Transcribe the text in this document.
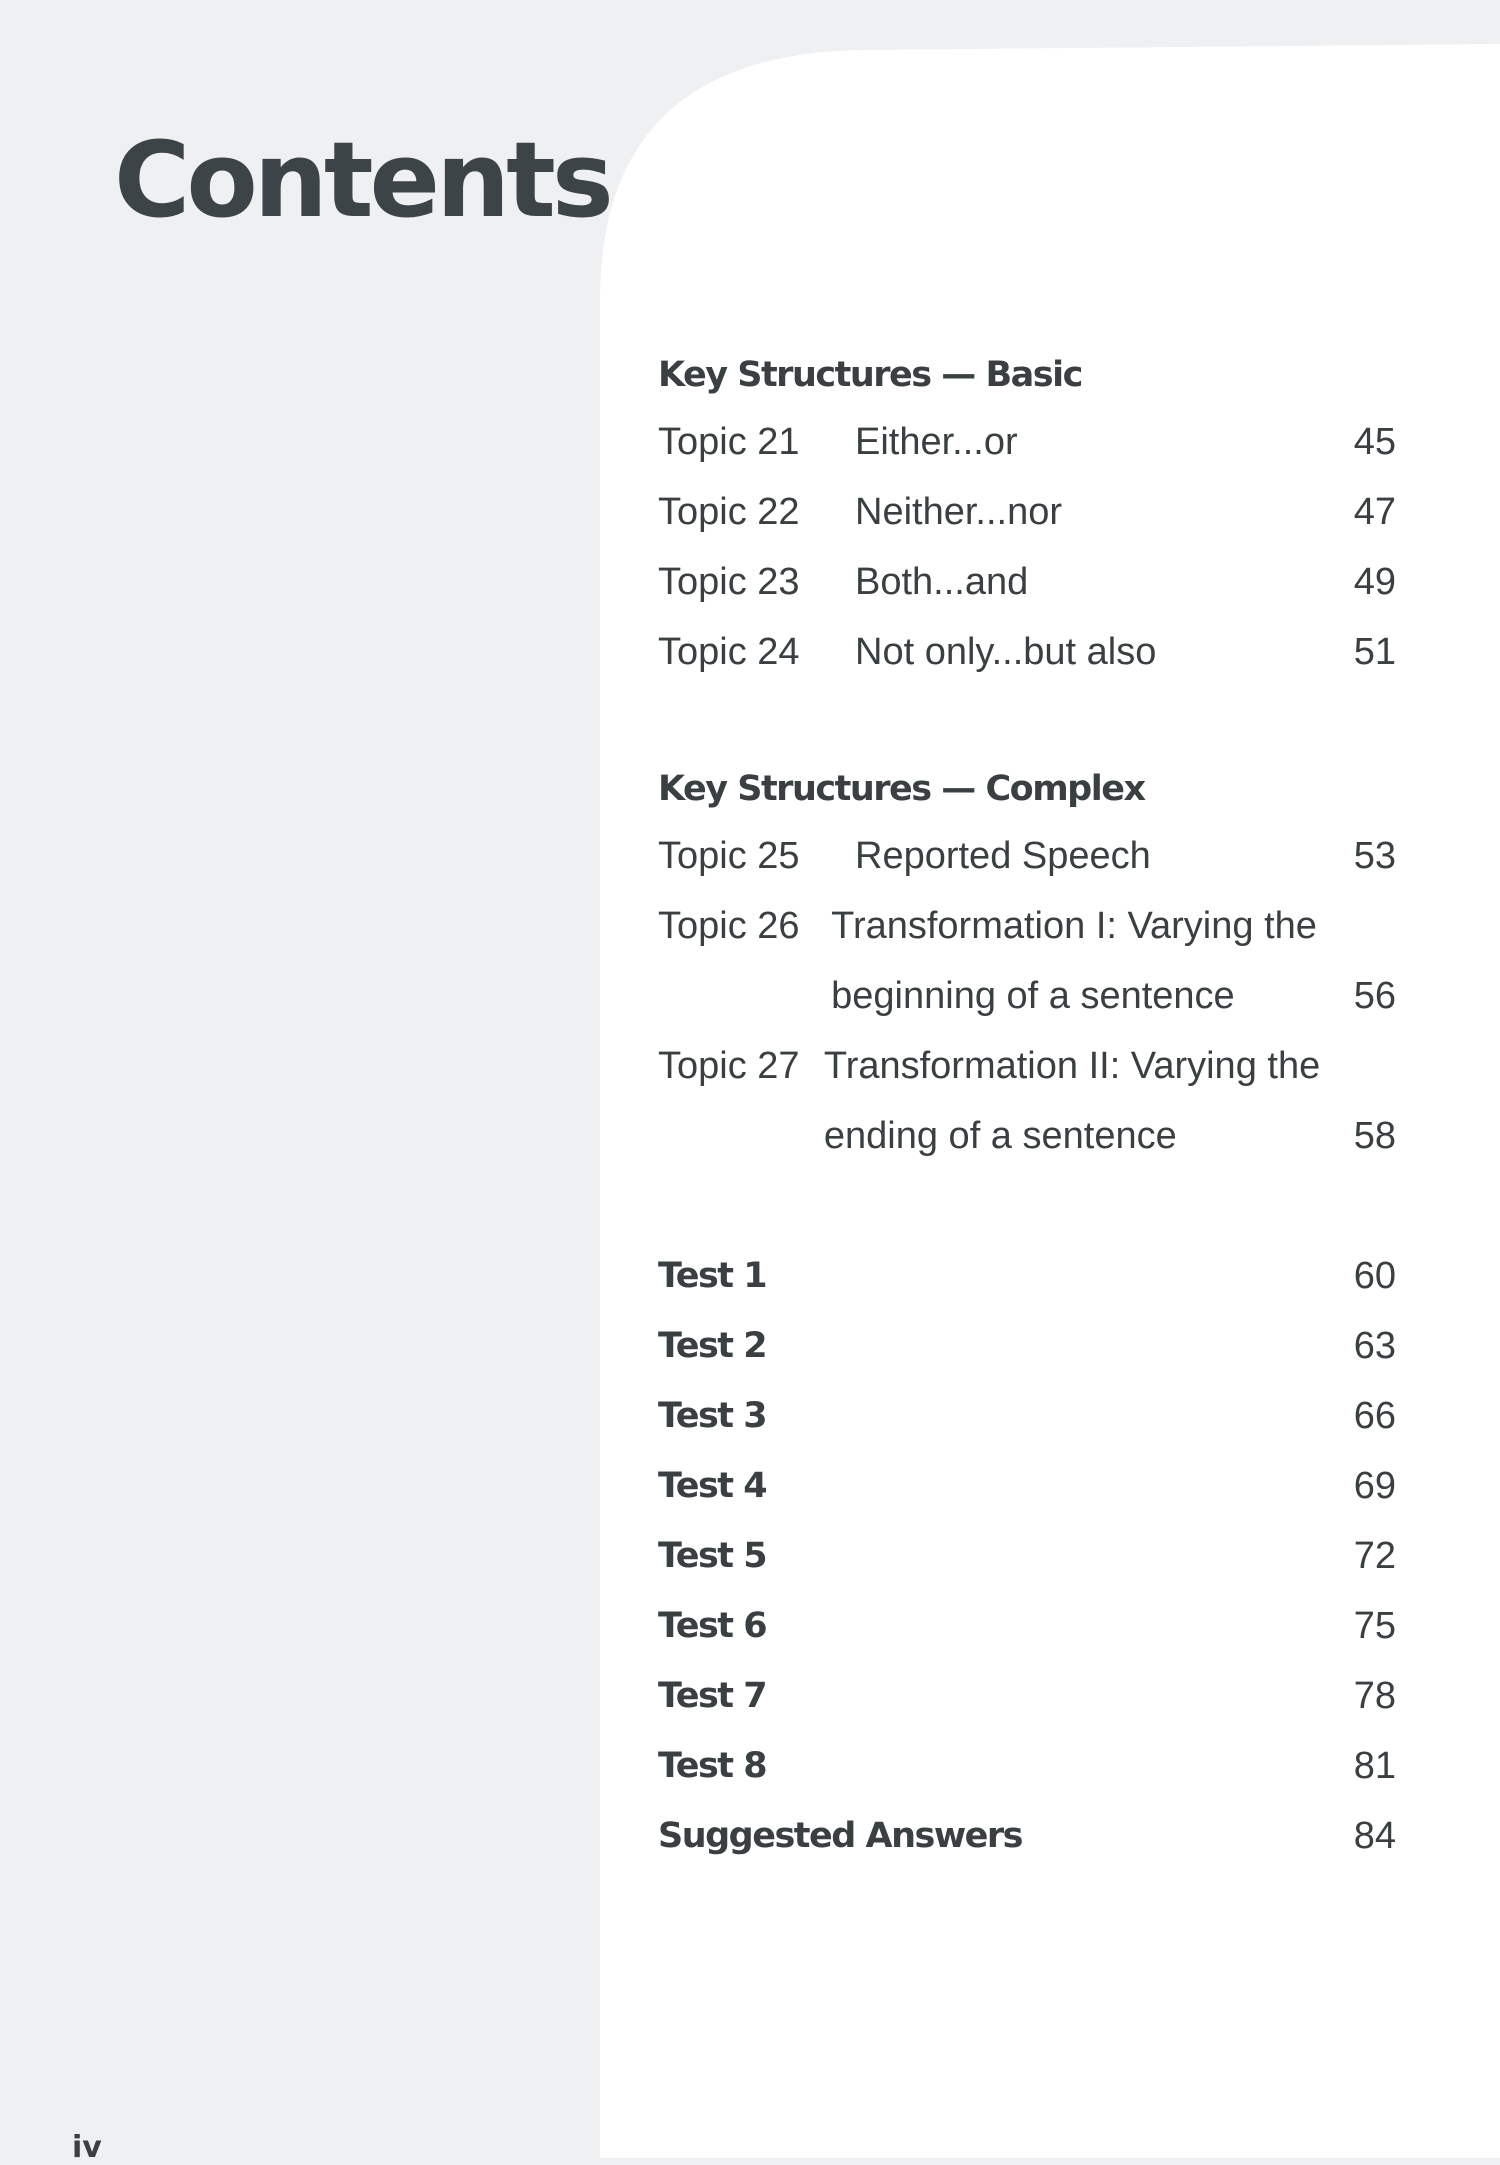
Contents
Key Structures — Basic
Topic 21	Either...or	45
Topic 22	Neither...nor	47
Topic 23	Both...and	49
Topic 24	Not only...but also	51
Key Structures — Complex
Topic 25	Reported Speech	53
Topic 26 Transformation I: Varying the
beginning of a sentence	56
Topic 27 Transformation II: Varying the
ending of a sentence	58
Test 1	60
Test 2	63
Test 3	66
Test 4	69
Test 5	72
Test 6	75
Test 7	78
Test 8	81
Suggested Answers	84
iv
